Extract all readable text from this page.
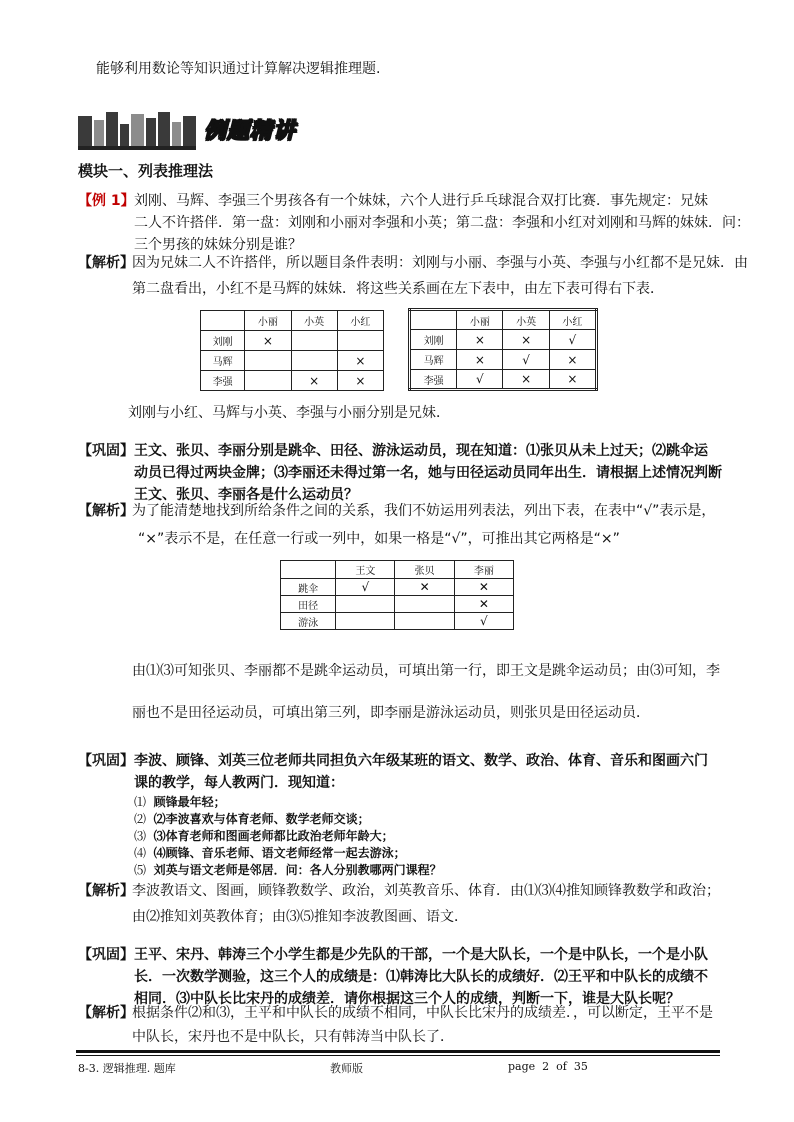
能够利用数论等知识通过计算解决逻辑推理题.
例题精讲
模块一、列表推理法
【例 1】 刘刚、马辉、李强三个男孩各有一个妹妹，六个人进行乒乓球混合双打比赛．事先规定：兄妹
二人不许搭伴．第一盘：刘刚和小丽对李强和小英；第二盘：李强和小红对刘刚和马辉的妹妹．问：
三个男孩的妹妹分别是谁？
【解析】
因为兄妹二人不许搭伴，所以题目条件表明：刘刚与小丽、李强与小英、李强与小红都不是兄妹．由
第二盘看出，小红不是马辉的妹妹．将这些关系画在左下表中，由左下表可得右下表．
	小丽	小英	小红
刘刚	×		
马辉			×
李强		×	×
	小丽	小英	小红
刘刚	×	×	√
马辉	×	√	×
李强	√	×	×
刘刚与小红、马辉与小英、李强与小丽分别是兄妹．
【巩固】 王文、张贝、李丽分别是跳伞、田径、游泳运动员，现在知道：⑴张贝从未上过天；⑵跳伞运
动员已得过两块金牌；⑶李丽还未得过第一名，她与田径运动员同年出生．请根据上述情况判断
王文、张贝、李丽各是什么运动员？
【解析】
为了能清楚地找到所给条件之间的关系，我们不妨运用列表法，列出下表，在表中“√”表示是，
“×”表示不是，在任意一行或一列中，如果一格是“√”，可推出其它两格是“×”
	王文	张贝	李丽
跳伞	√	✕	✕
田径			✕
游泳			√
由⑴⑶可知张贝、李丽都不是跳伞运动员，可填出第一行，即王文是跳伞运动员；由⑶可知，李
丽也不是田径运动员，可填出第三列，即李丽是游泳运动员，则张贝是田径运动员．
【巩固】 李波、顾锋、刘英三位老师共同担负六年级某班的语文、数学、政治、体育、音乐和图画六门
课的教学，每人教两门．现知道：
⑴ 顾锋最年轻；
⑵ ⑵李波喜欢与体育老师、数学老师交谈；
⑶ ⑶体育老师和图画老师都比政治老师年龄大；
⑷ ⑷顾锋、音乐老师、语文老师经常一起去游泳；
⑸ 刘英与语文老师是邻居．问：各人分别教哪两门课程？
【解析】
李波教语文、图画，顾锋教数学、政治，刘英教音乐、体育．由⑴⑶⑷推知顾锋教数学和政治；
由⑵推知刘英教体育；由⑶⑸推知李波教图画、语文．
【巩固】 王平、宋丹、韩涛三个小学生都是少先队的干部，一个是大队长，一个是中队长，一个是小队
长．一次数学测验，这三个人的成绩是：⑴韩涛比大队长的成绩好．⑵王平和中队长的成绩不
相同．⑶中队长比宋丹的成绩差．请你根据这三个人的成绩，判断一下，谁是大队长呢？
【解析】
根据条件⑵和⑶，王平和中队长的成绩不相同，中队长比宋丹的成绩差．，可以断定，王平不是
中队长，宋丹也不是中队长，只有韩涛当中队长了．
8-3. 逻辑推理. 题库	教师版	page  2  of  35
